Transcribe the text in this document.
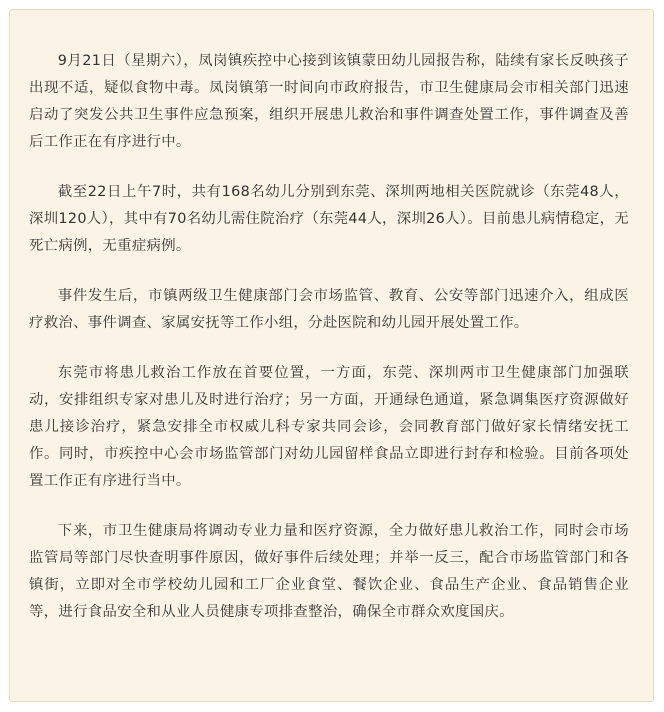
9月21日（星期六），凤岗镇疾控中心接到该镇蒙田幼儿园报告称，陆续有家长反映孩子出现不适，疑似食物中毒。凤岗镇第一时间向市政府报告，市卫生健康局会市相关部门迅速启动了突发公共卫生事件应急预案，组织开展患儿救治和事件调查处置工作，事件调查及善后工作正在有序进行中。

截至22日上午7时，共有168名幼儿分别到东莞、深圳两地相关医院就诊（东莞48人，深圳120人），其中有70名幼儿需住院治疗（东莞44人，深圳26人）。目前患儿病情稳定，无死亡病例，无重症病例。

事件发生后，市镇两级卫生健康部门会市场监管、教育、公安等部门迅速介入，组成医疗救治、事件调查、家属安抚等工作小组，分赴医院和幼儿园开展处置工作。

东莞市将患儿救治工作放在首要位置，一方面，东莞、深圳两市卫生健康部门加强联动，安排组织专家对患儿及时进行治疗；另一方面，开通绿色通道，紧急调集医疗资源做好患儿接诊治疗，紧急安排全市权威儿科专家共同会诊，会同教育部门做好家长情绪安抚工作。同时，市疾控中心会市场监管部门对幼儿园留样食品立即进行封存和检验。目前各项处置工作正有序进行当中。

下来，市卫生健康局将调动专业力量和医疗资源，全力做好患儿救治工作，同时会市场监管局等部门尽快查明事件原因，做好事件后续处理；并举一反三，配合市场监管部门和各镇街，立即对全市学校幼儿园和工厂企业食堂、餐饮企业、食品生产企业、食品销售企业等，进行食品安全和从业人员健康专项排查整治，确保全市群众欢度国庆。
